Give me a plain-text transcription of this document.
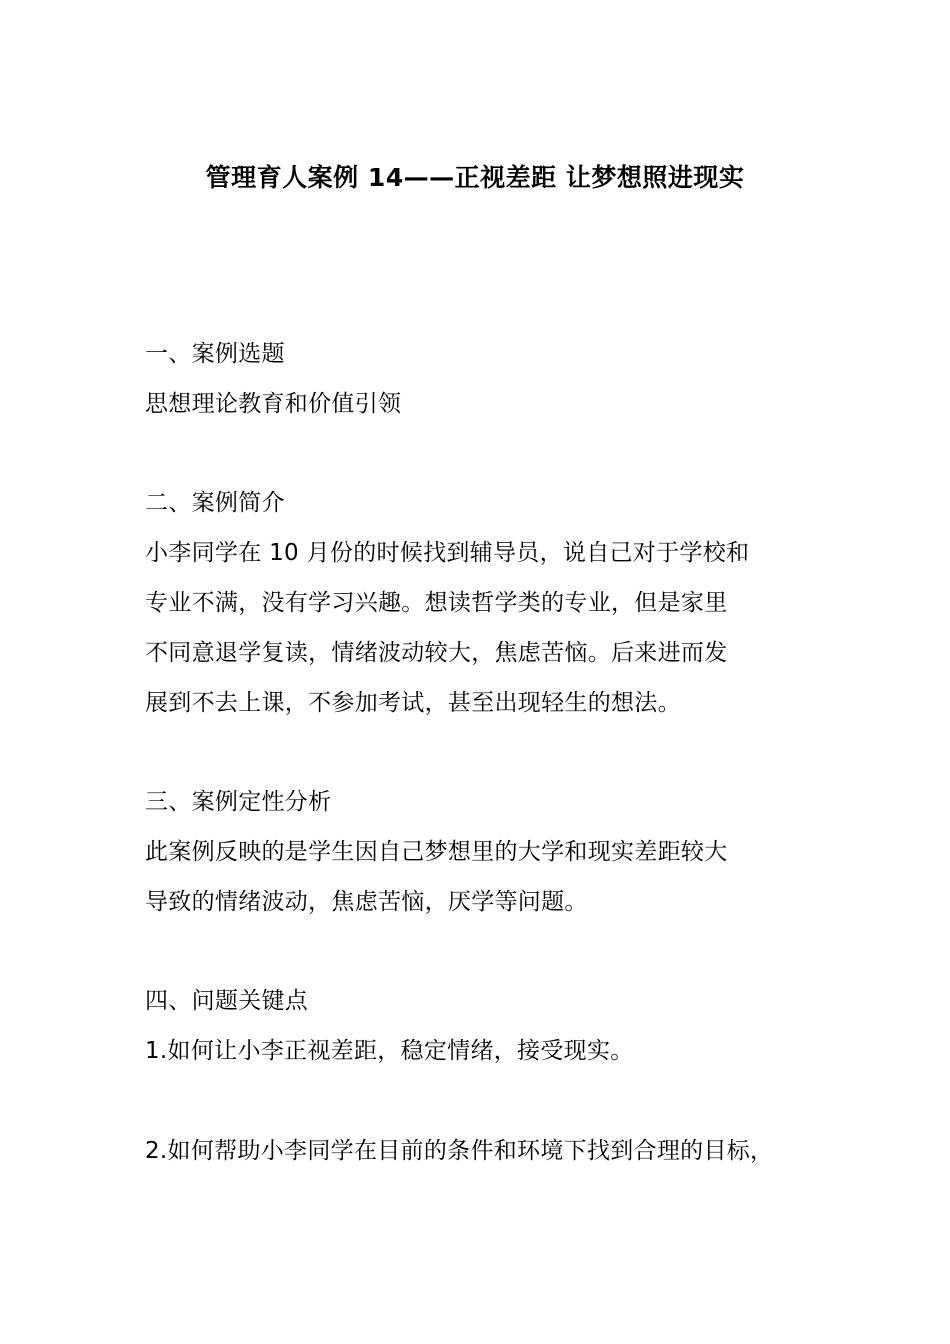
管理育人案例 14——正视差距 让梦想照进现实
一、案例选题
思想理论教育和价值引领
二、案例简介
小李同学在 10 月份的时候找到辅导员，说自己对于学校和
专业不满，没有学习兴趣。想读哲学类的专业，但是家里
不同意退学复读，情绪波动较大，焦虑苦恼。后来进而发
展到不去上课，不参加考试，甚至出现轻生的想法。
三、案例定性分析
此案例反映的是学生因自己梦想里的大学和现实差距较大
导致的情绪波动，焦虑苦恼，厌学等问题。
四、问题关键点
1.如何让小李正视差距，稳定情绪，接受现实。
2.如何帮助小李同学在目前的条件和环境下找到合理的目标，
